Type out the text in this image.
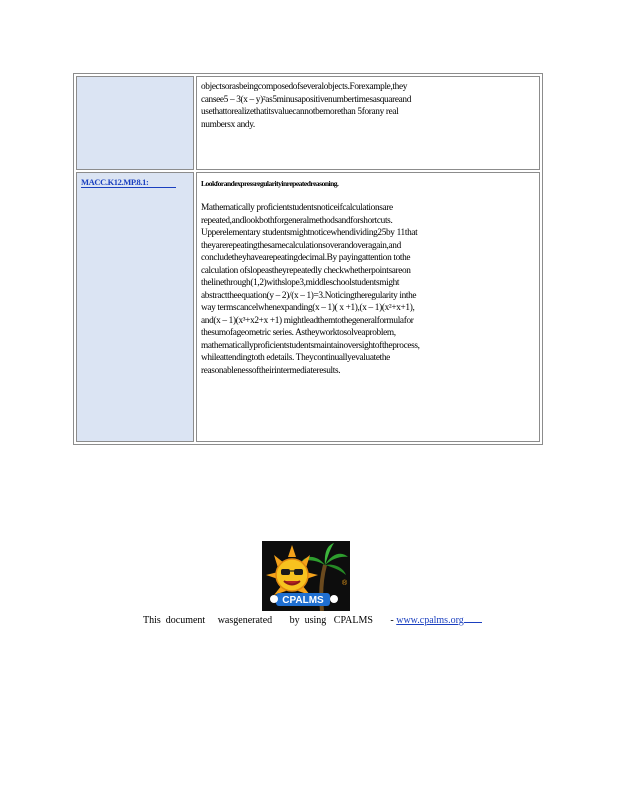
objectsorasbeingcomposedofseveralobjects.Forexample,they
cansee5 – 3(x – y)²as5minusapositivenumbertimesasquareand
usethattorealizethatitsvaluecannotbemorethan 5forany real
numbersx andy.
MACC.K12.MP.8.1:	Lookforandexpressregularityinrepeatedreasoning.
Mathematically proficientstudentsnoticeifcalculationsare
repeated,andlookbothforgeneralmethodsandforshortcuts.
Upperelementary studentsmightnoticewhendividing25by 11that
theyarerepeatingthesamecalculationsoverandoveragain,and
concludetheyhavearepeatingdecimal.By payingattention tothe
calculation ofslopeastheyrepeatedly checkwhetherpointsareon
thelinethrough(1,2)withslope3,middleschoolstudentsmight
abstracttheequation(y – 2)/(x – 1)=3.Noticingtheregularity inthe
way termscancelwhenexpanding(x – 1)( x +1),(x – 1)(x²+x+1),
and(x – 1)(x³+x2+x +1) mightleadthemtothegeneralformulafor
thesumofageometric series. Astheyworktosolveaproblem,
mathematicallyproficientstudentsmaintainoversightoftheprocess,
whileattendingtoth edetails. Theycontinuallyevaluatethe
reasonablenessoftheirintermediateresults.
CPALMS
®
This  document     wasgenerated       by  using   CPALMS       - www.cpalms.org
